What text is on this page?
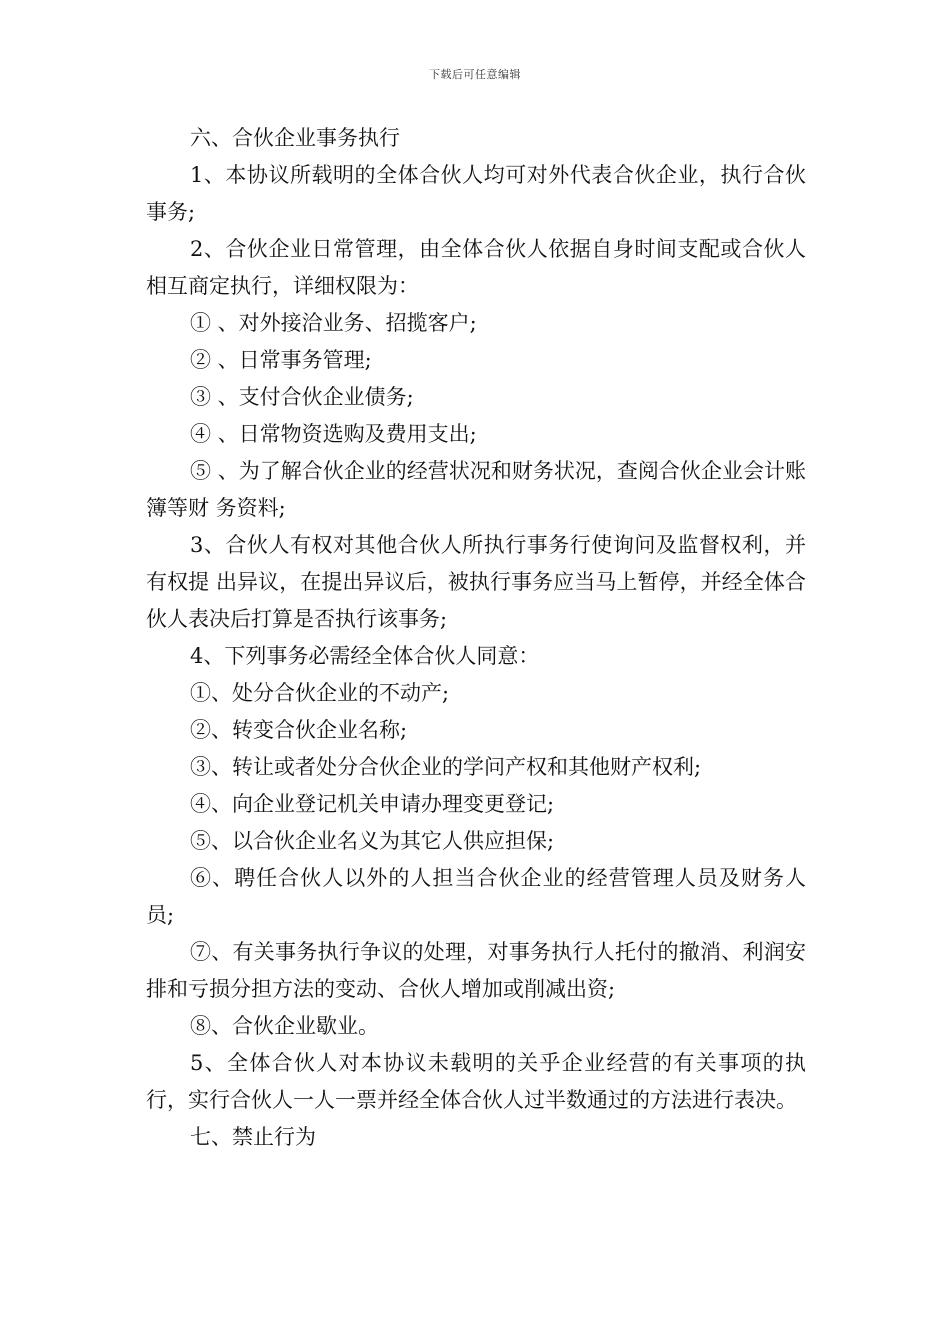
下载后可任意编辑

六、合伙企业事务执行

1、本协议所载明的全体合伙人均可对外代表合伙企业，执行合伙事务;

2、合伙企业日常管理，由全体合伙人依据自身时间支配或合伙人相互商定执行，详细权限为：

① 、对外接洽业务、招揽客户;

② 、日常事务管理;

③ 、支付合伙企业债务;

④ 、日常物资选购及费用支出;

⑤ 、为了解合伙企业的经营状况和财务状况，查阅合伙企业会计账簿等财 务资料;

3、合伙人有权对其他合伙人所执行事务行使询问及监督权利，并有权提 出异议，在提出异议后，被执行事务应当马上暂停，并经全体合伙人表决后打算是否执行该事务;

4、下列事务必需经全体合伙人同意：

①、处分合伙企业的不动产;

②、转变合伙企业名称;

③、转让或者处分合伙企业的学问产权和其他财产权利;

④、向企业登记机关申请办理变更登记;

⑤、以合伙企业名义为其它人供应担保;

⑥、聘任合伙人以外的人担当合伙企业的经营管理人员及财务人员;

⑦、有关事务执行争议的处理，对事务执行人托付的撤消、利润安排和亏损分担方法的变动、合伙人增加或削减出资;

⑧、合伙企业歇业。

5、全体合伙人对本协议未载明的关乎企业经营的有关事项的执行，实行合伙人一人一票并经全体合伙人过半数通过的方法进行表决。

七、禁止行为
